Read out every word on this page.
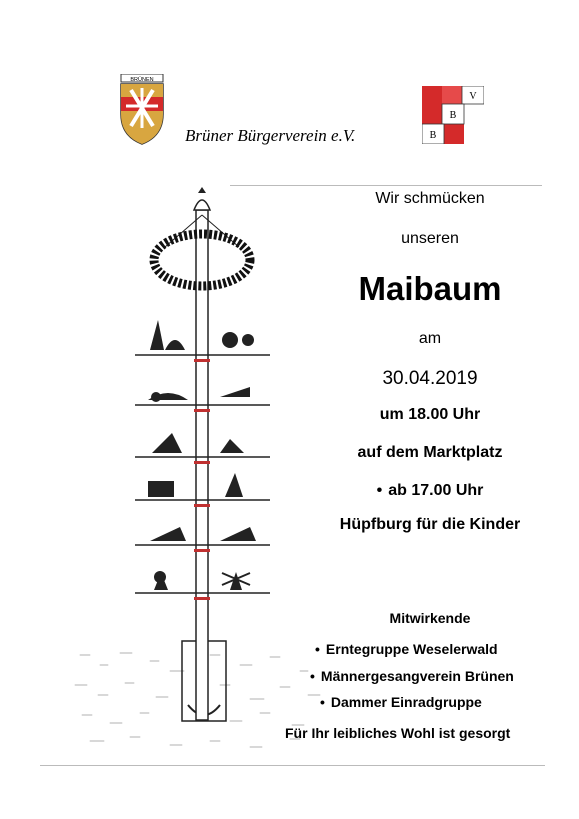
BRÜNEN
Brüner Bürgerverein e.V.
V
B
B
Wir schmücken
unseren
Maibaum
am
30.04.2019
um 18.00 Uhr
auf dem Marktplatz
• ab 17.00 Uhr
Hüpfburg für die Kinder
Mitwirkende
• Erntegruppe Weselerwald
• Männergesangverein Brünen
• Dammer Einradgruppe
Für Ihr leibliches Wohl ist gesorgt
